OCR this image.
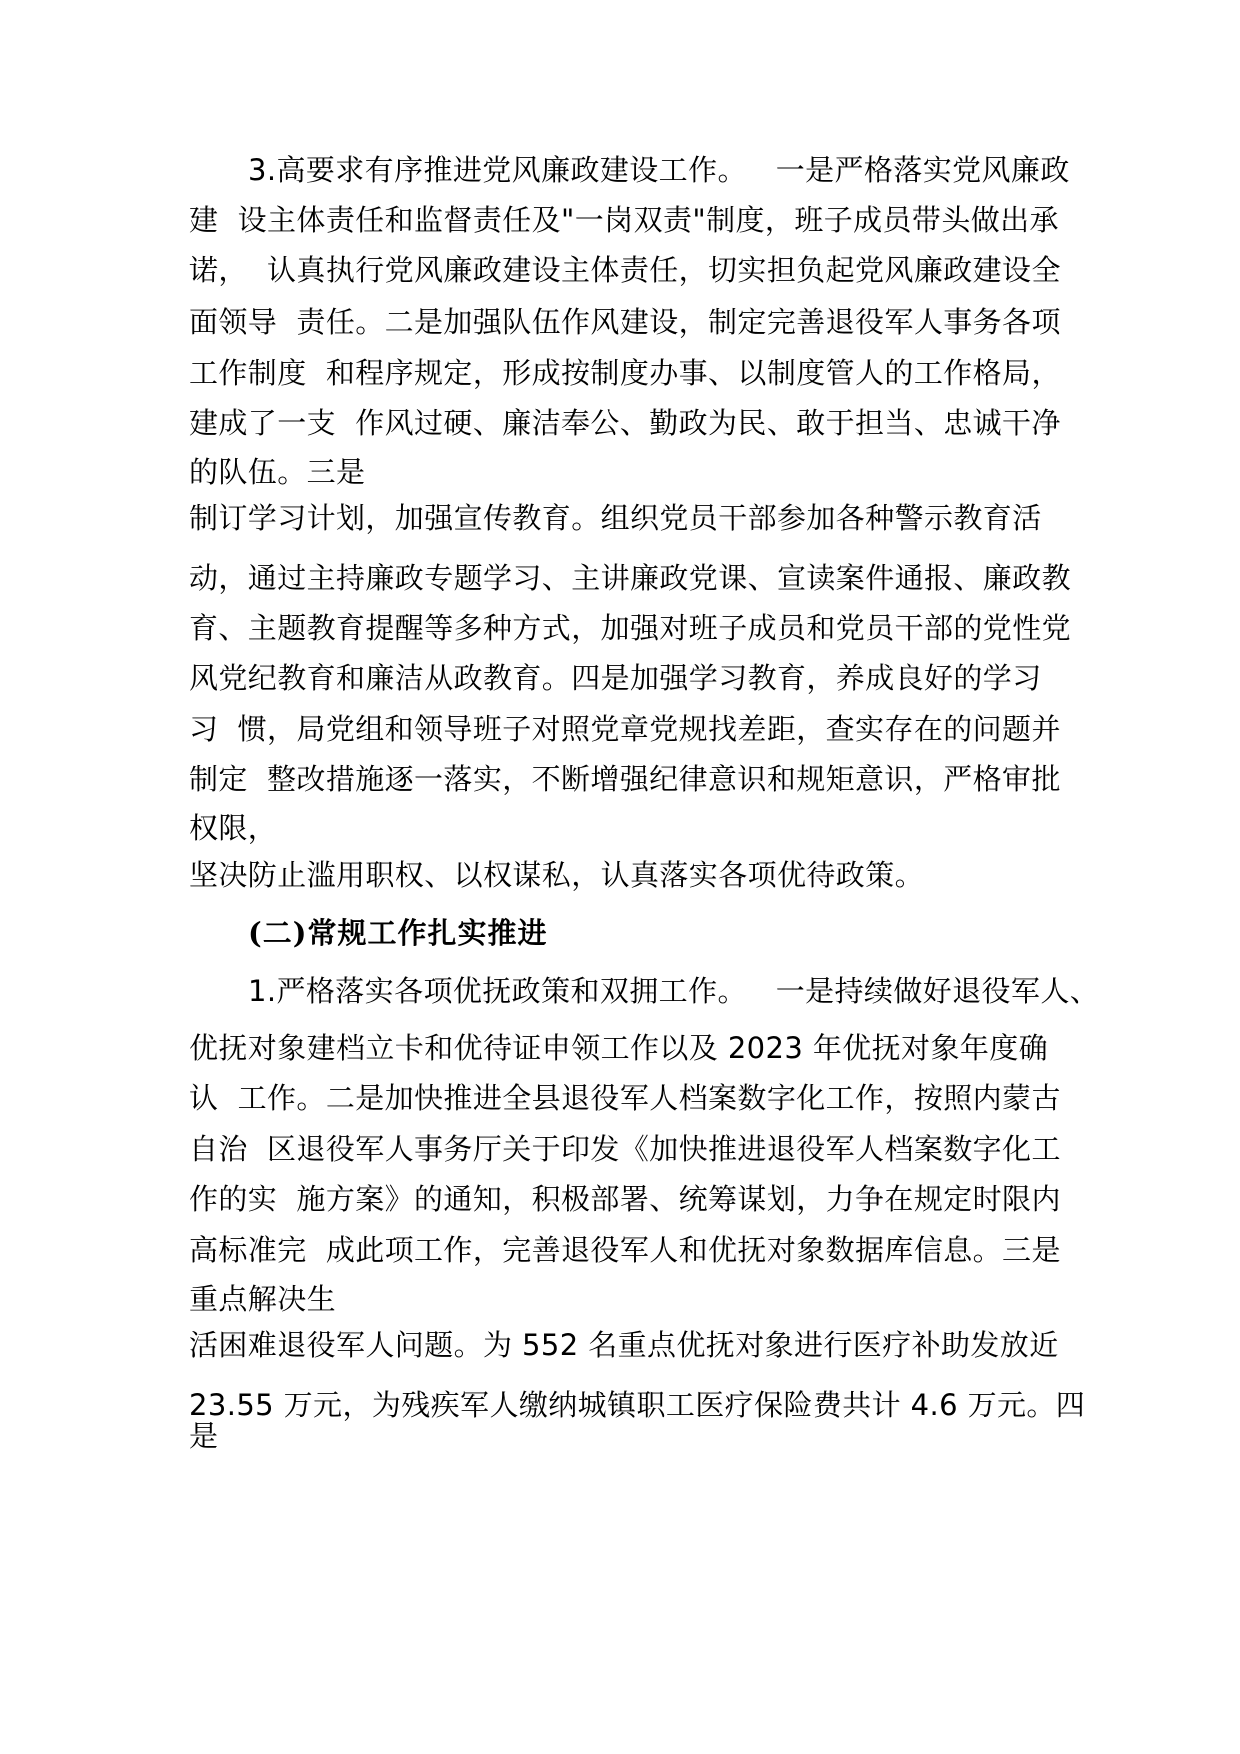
3.高要求有序推进党风廉政建设工作。   一是严格落实党风廉政
建  设主体责任和监督责任及"一岗双责"制度，班子成员带头做出承
诺，  认真执行党风廉政建设主体责任，切实担负起党风廉政建设全
面领导  责任。二是加强队伍作风建设，制定完善退役军人事务各项
工作制度  和程序规定，形成按制度办事、以制度管人的工作格局，
建成了一支  作风过硬、廉洁奉公、勤政为民、敢于担当、忠诚干净
的队伍。三是
制订学习计划，加强宣传教育。组织党员干部参加各种警示教育活
动，通过主持廉政专题学习、主讲廉政党课、宣读案件通报、廉政教
育、主题教育提醒等多种方式，加强对班子成员和党员干部的党性党
风党纪教育和廉洁从政教育。四是加强学习教育，养成良好的学习
习  惯，局党组和领导班子对照党章党规找差距，查实存在的问题并
制定  整改措施逐一落实，不断增强纪律意识和规矩意识，严格审批
权限，
坚决防止滥用职权、以权谋私，认真落实各项优待政策。
(二)常规工作扎实推进
1.严格落实各项优抚政策和双拥工作。   一是持续做好退役军人、
优抚对象建档立卡和优待证申领工作以及 2023 年优抚对象年度确
认  工作。二是加快推进全县退役军人档案数字化工作，按照内蒙古
自治  区退役军人事务厅关于印发《加快推进退役军人档案数字化工
作的实  施方案》的通知，积极部署、统筹谋划，力争在规定时限内
高标准完  成此项工作，完善退役军人和优抚对象数据库信息。三是
重点解决生
活困难退役军人问题。为 552 名重点优抚对象进行医疗补助发放近
23.55 万元，为残疾军人缴纳城镇职工医疗保险费共计 4.6 万元。四
是
